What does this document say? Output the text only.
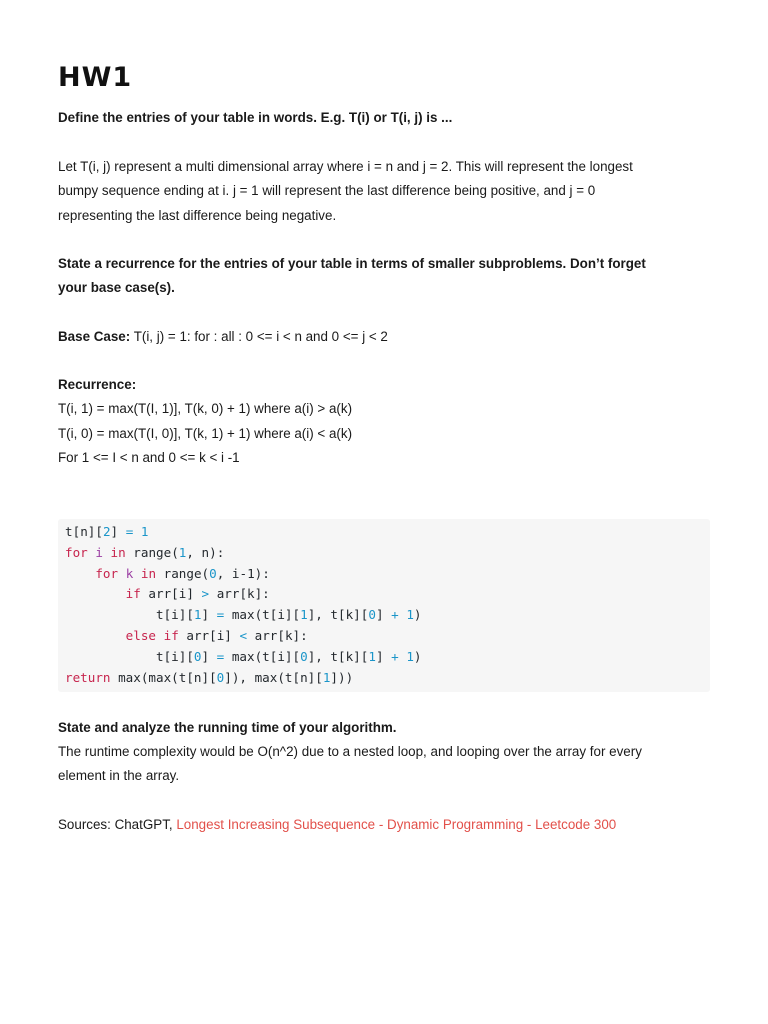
HW1
Define the entries of your table in words. E.g. T(i) or T(i, j) is ...
Let T(i, j) represent a multi dimensional array where i = n and j = 2. This will represent the longest
bumpy sequence ending at i. j = 1 will represent the last difference being positive, and j = 0
representing the last difference being negative.
State a recurrence for the entries of your table in terms of smaller subproblems. Don’t forget
your base case(s).
Base Case: T(i, j) = 1: for : all : 0 <= i < n and 0 <= j < 2
Recurrence:
T(i, 1) = max(T(I, 1)], T(k, 0) + 1) where a(i) > a(k)
T(i, 0) = max(T(I, 0)], T(k, 1) + 1) where a(i) < a(k)
For 1 <= I < n and 0 <= k < i -1
t[n][2] = 1
for i in range(1, n):
for k in range(0, i-1):
if arr[i] > arr[k]:
t[i][1] = max(t[i][1], t[k][0] + 1)
else if arr[i] < arr[k]:
t[i][0] = max(t[i][0], t[k][1] + 1)
return max(max(t[n][0]), max(t[n][1]))
State and analyze the running time of your algorithm.
The runtime complexity would be O(n^2) due to a nested loop, and looping over the array for every
element in the array.
Sources: ChatGPT, Longest Increasing Subsequence - Dynamic Programming - Leetcode 300
